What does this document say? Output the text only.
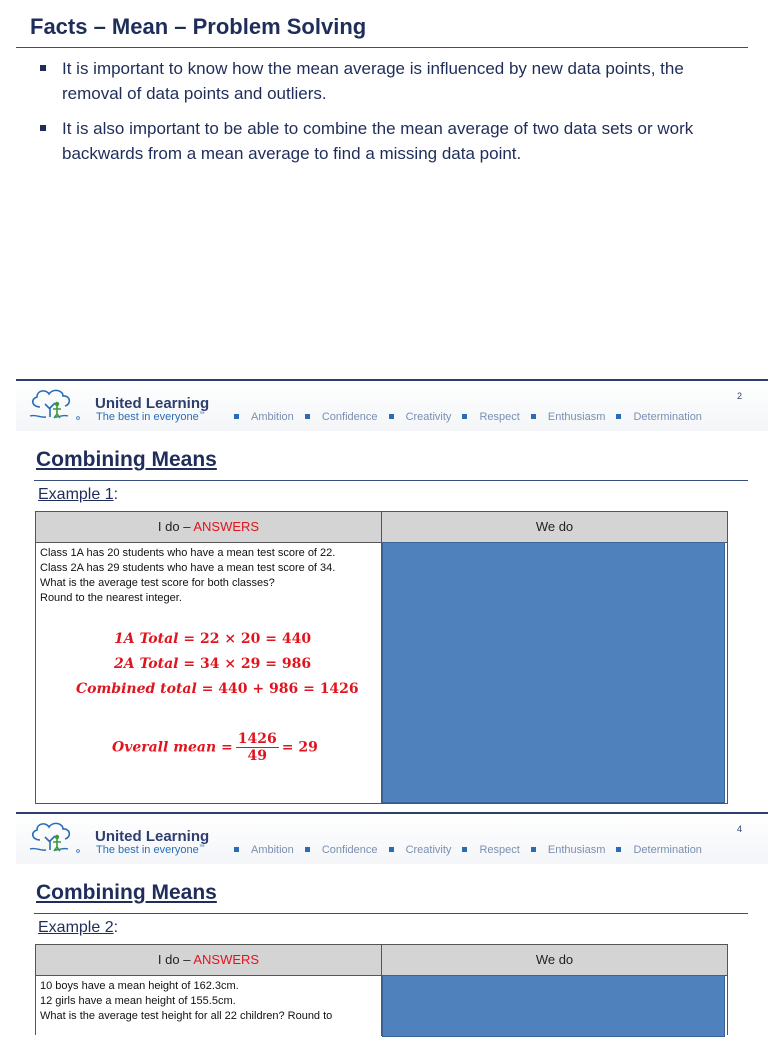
Facts – Mean – Problem Solving
It is important to know how the mean average is influenced by new data points, the removal of data points and outliers.
It is also important to be able to combine the mean average of two data sets or work backwards from a mean average to find a missing data point.
United Learning
The best in everyone™
2
Ambition	Confidence	Creativity	Respect	Enthusiasm	Determination
Combining Means
Example 1:
I do – ANSWERS	We do
Class 1A has 20 students who have a mean test score of 22.
Class 2A has 29 students who have a mean test score of 34.
What is the average test score for both classes?
Round to the nearest integer.
1A Total = 22 × 20 = 440
2A Total = 34 × 29 = 986
Combined total = 440 + 986 = 1426
Overall mean = $\frac{1426}{49} = 29$
United Learning
The best in everyone™
4
Ambition	Confidence	Creativity	Respect	Enthusiasm	Determination
Combining Means
Example 2:
I do – ANSWERS	We do
10 boys have a mean height of 162.3cm.
12 girls have a mean height of 155.5cm.
What is the average test height for all 22 children? Round to
